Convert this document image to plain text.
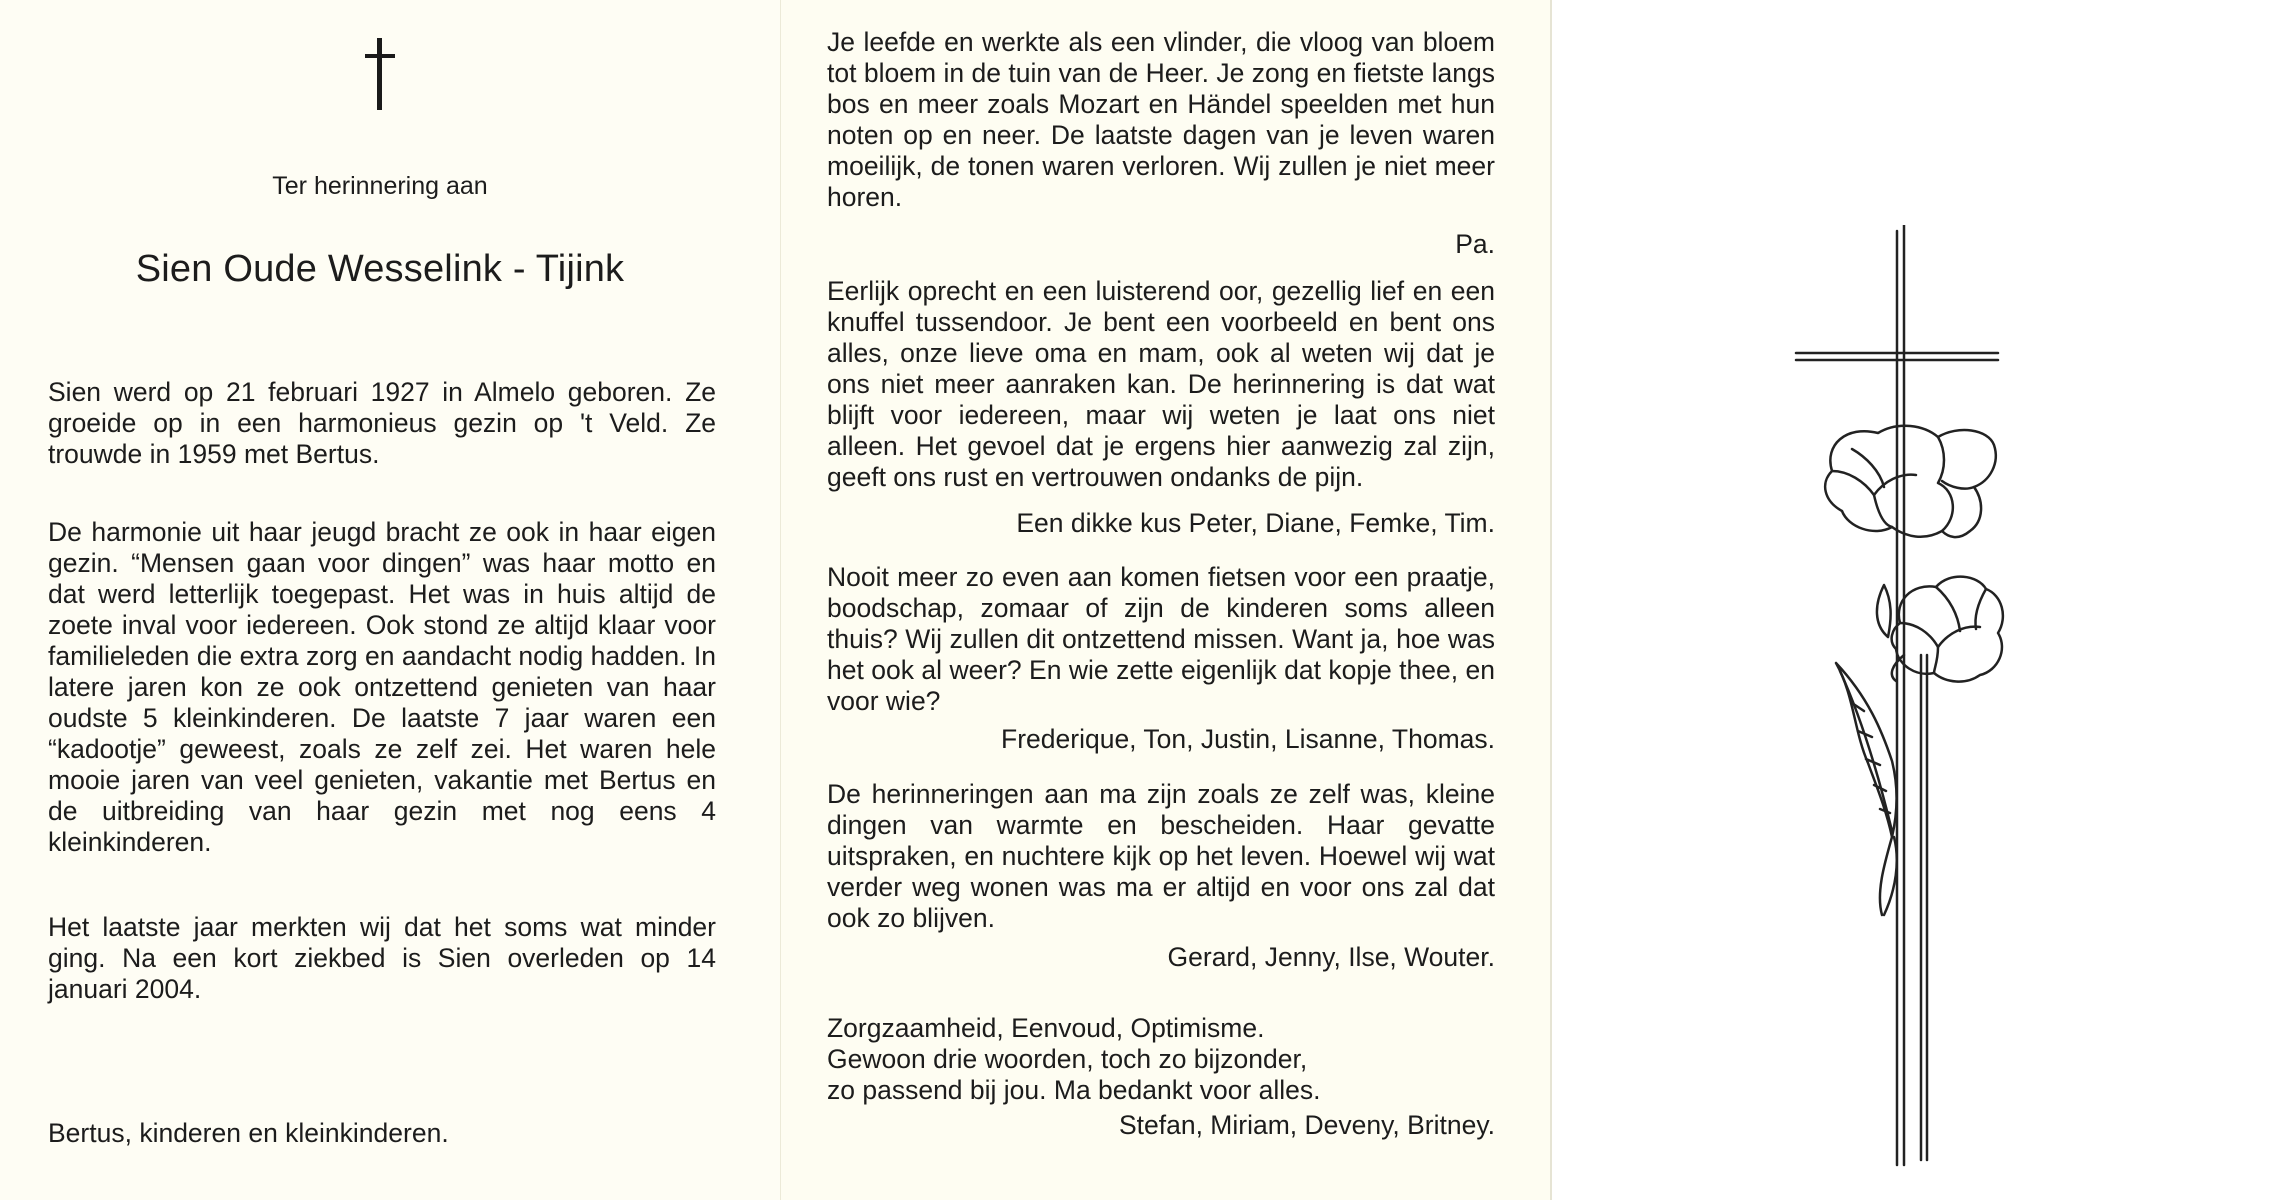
Ter herinnering aan
Sien Oude Wesselink - Tijink

Sien werd op 21 februari 1927 in Almelo geboren. Ze groeide op in een harmonieus gezin op 't Veld. Ze trouwde in 1959 met Bertus.

De harmonie uit haar jeugd bracht ze ook in haar eigen gezin. “Mensen gaan voor dingen” was haar motto en dat werd letterlijk toegepast. Het was in huis altijd de zoete inval voor iedereen. Ook stond ze altijd klaar voor familieleden die extra zorg en aandacht nodig hadden. In latere jaren kon ze ook ontzettend genieten van haar oudste 5 kleinkinderen. De laatste 7 jaar waren een “kadootje” geweest, zoals ze zelf zei. Het waren hele mooie jaren van veel genieten, vakantie met Bertus en de uitbreiding van haar gezin met nog eens 4 kleinkinderen.

Het laatste jaar merkten wij dat het soms wat minder ging. Na een kort ziekbed is Sien overleden op 14 januari 2004.

Bertus, kinderen en kleinkinderen.

Je leefde en werkte als een vlinder, die vloog van bloem tot bloem in de tuin van de Heer. Je zong en fietste langs bos en meer zoals Mozart en Händel speelden met hun noten op en neer. De laatste dagen van je leven waren moeilijk, de tonen waren verloren. Wij zullen je niet meer horen.

Pa.

Eerlijk oprecht en een luisterend oor, gezellig lief en een knuffel tussendoor. Je bent een voorbeeld en bent ons alles, onze lieve oma en mam, ook al weten wij dat je ons niet meer aanraken kan. De herinnering is dat wat blijft voor iedereen, maar wij weten je laat ons niet alleen. Het gevoel dat je ergens hier aanwezig zal zijn, geeft ons rust en vertrouwen ondanks de pijn.

Een dikke kus Peter, Diane, Femke, Tim.

Nooit meer zo even aan komen fietsen voor een praatje, boodschap, zomaar of zijn de kinderen soms alleen thuis? Wij zullen dit ontzettend missen. Want ja, hoe was het ook al weer? En wie zette eigenlijk dat kopje thee, en voor wie?

Frederique, Ton, Justin, Lisanne, Thomas.

De herinneringen aan ma zijn zoals ze zelf was, kleine dingen van warmte en bescheiden. Haar gevatte uitspraken, en nuchtere kijk op het leven. Hoewel wij wat verder weg wonen was ma er altijd en voor ons zal dat ook zo blijven.

Gerard, Jenny, Ilse, Wouter.

Zorgzaamheid, Eenvoud, Optimisme.
Gewoon drie woorden, toch zo bijzonder,
zo passend bij jou. Ma bedankt voor alles.

Stefan, Miriam, Deveny, Britney.
